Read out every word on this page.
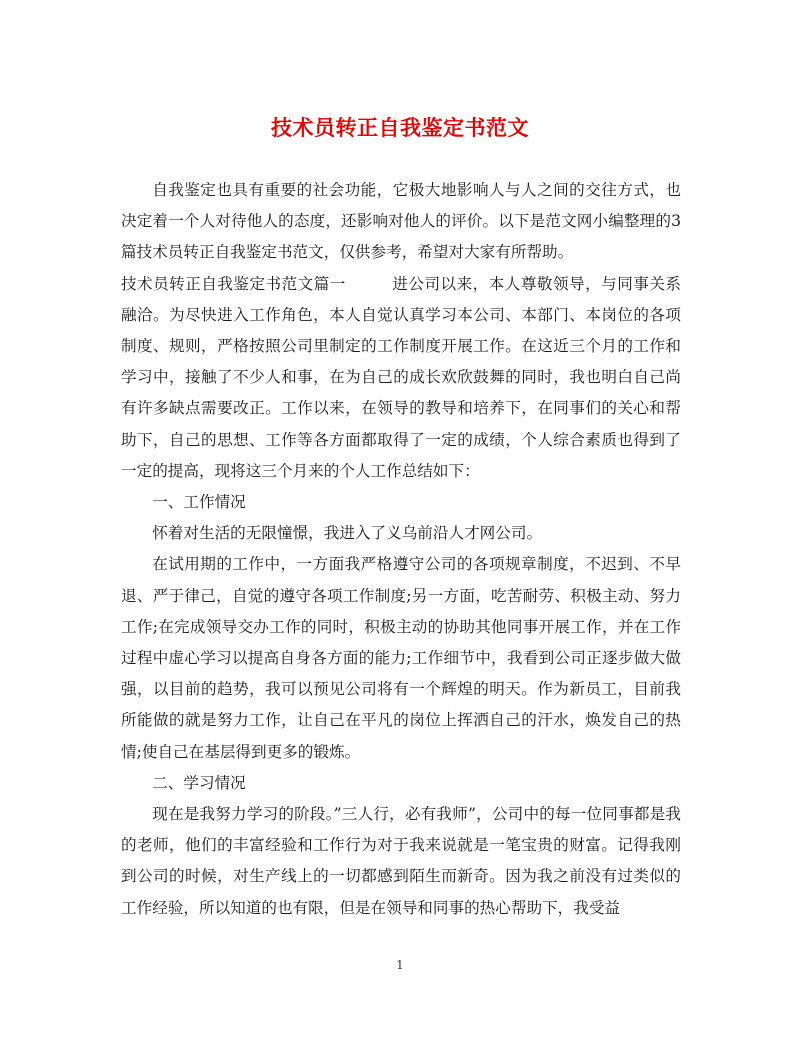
技术员转正自我鉴定书范文

自我鉴定也具有重要的社会功能，它极大地影响人与人之间的交往方式，也决定着一个人对待他人的态度，还影响对他人的评价。以下是范文网小编整理的3篇技术员转正自我鉴定书范文，仅供参考，希望对大家有所帮助。

技术员转正自我鉴定书范文篇一	进公司以来，本人尊敬领导，与同事关系融洽。为尽快进入工作角色，本人自觉认真学习本公司、本部门、本岗位的各项制度、规则，严格按照公司里制定的工作制度开展工作。在这近三个月的工作和学习中，接触了不少人和事，在为自己的成长欢欣鼓舞的同时，我也明白自己尚有许多缺点需要改正。工作以来，在领导的教导和培养下，在同事们的关心和帮助下，自己的思想、工作等各方面都取得了一定的成绩，个人综合素质也得到了一定的提高，现将这三个月来的个人工作总结如下：

一、工作情况

怀着对生活的无限憧憬，我进入了义乌前沿人才网公司。

在试用期的工作中，一方面我严格遵守公司的各项规章制度，不迟到、不早退、严于律己，自觉的遵守各项工作制度;另一方面，吃苦耐劳、积极主动、努力工作;在完成领导交办工作的同时，积极主动的协助其他同事开展工作，并在工作过程中虚心学习以提高自身各方面的能力;工作细节中，我看到公司正逐步做大做强，以目前的趋势，我可以预见公司将有一个辉煌的明天。作为新员工，目前我所能做的就是努力工作，让自己在平凡的岗位上挥洒自己的汗水，焕发自己的热情;使自己在基层得到更多的锻炼。

二、学习情况

现在是我努力学习的阶段。”三人行，必有我师”，公司中的每一位同事都是我的老师，他们的丰富经验和工作行为对于我来说就是一笔宝贵的财富。记得我刚到公司的时候，对生产线上的一切都感到陌生而新奇。因为我之前没有过类似的工作经验，所以知道的也有限，但是在领导和同事的热心帮助下，我受益

1
